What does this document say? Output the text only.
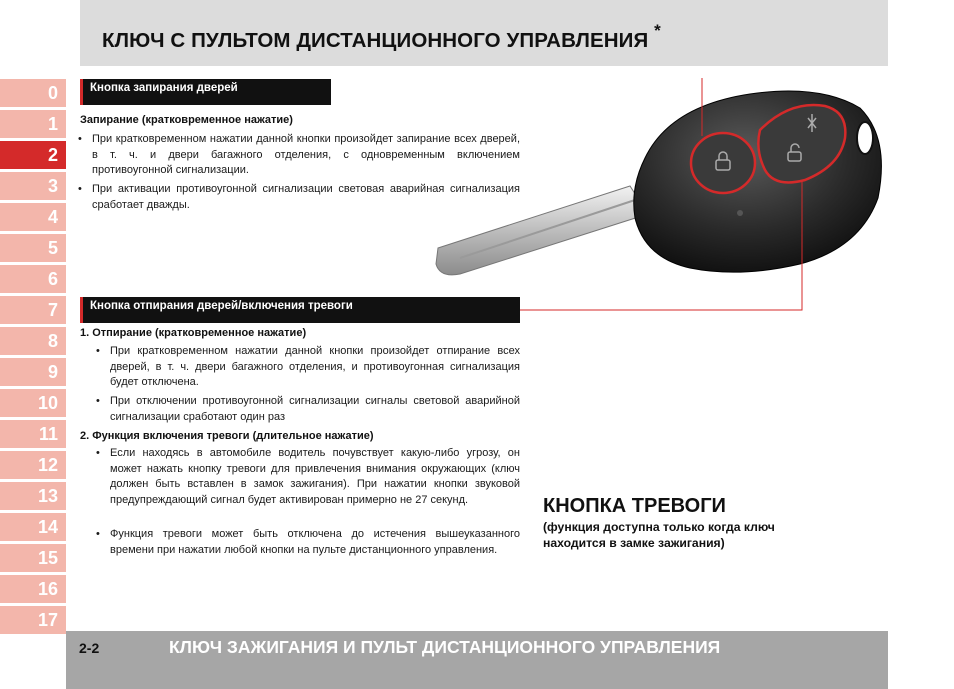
КЛЮЧ С ПУЛЬТОМ ДИСТАНЦИОННОГО УПРАВЛЕНИЯ *
0
1
2
3
4
5
6
7
8
9
10
11
12
13
14
15
16
17
Кнопка запирания дверей
Запирание (кратковременное нажатие)
• При кратковременном нажатии данной кнопки произойдет запирание всех дверей, в т. ч. и двери багажного отделения, с одновременным включением противоугонной сигнализации.
• При активации противоугонной сигнализации световая аварийная сигнализация сработает дважды.
Кнопка отпирания дверей/включения тревоги
1. Отпирание (кратковременное нажатие)
• При кратковременном нажатии данной кнопки произойдет отпирание всех дверей, в т. ч. двери багажного отделения, и противоугонная сигнализация будет отключена.
• При отключении противоугонной сигнализации сигналы световой аварийной сигнализации сработают один раз
2. Функция включения тревоги (длительное нажатие)
• Если находясь в автомобиле водитель почувствует какую-либо угрозу, он может нажать кнопку тревоги для привлечения внимания окружающих (ключ должен быть вставлен в замок зажигания). При нажатии кнопки звуковой предупреждающий сигнал будет активирован примерно не 27 секунд.
• Функция тревоги может быть отключена до истечения вышеуказанного времени при нажатии любой кнопки на пульте дистанционного управления.
КНОПКА ТРЕВОГИ
(функция доступна только когда ключ находится в замке зажигания)
2-2	КЛЮЧ ЗАЖИГАНИЯ И ПУЛЬТ ДИСТАНЦИОННОГО УПРАВЛЕНИЯ
